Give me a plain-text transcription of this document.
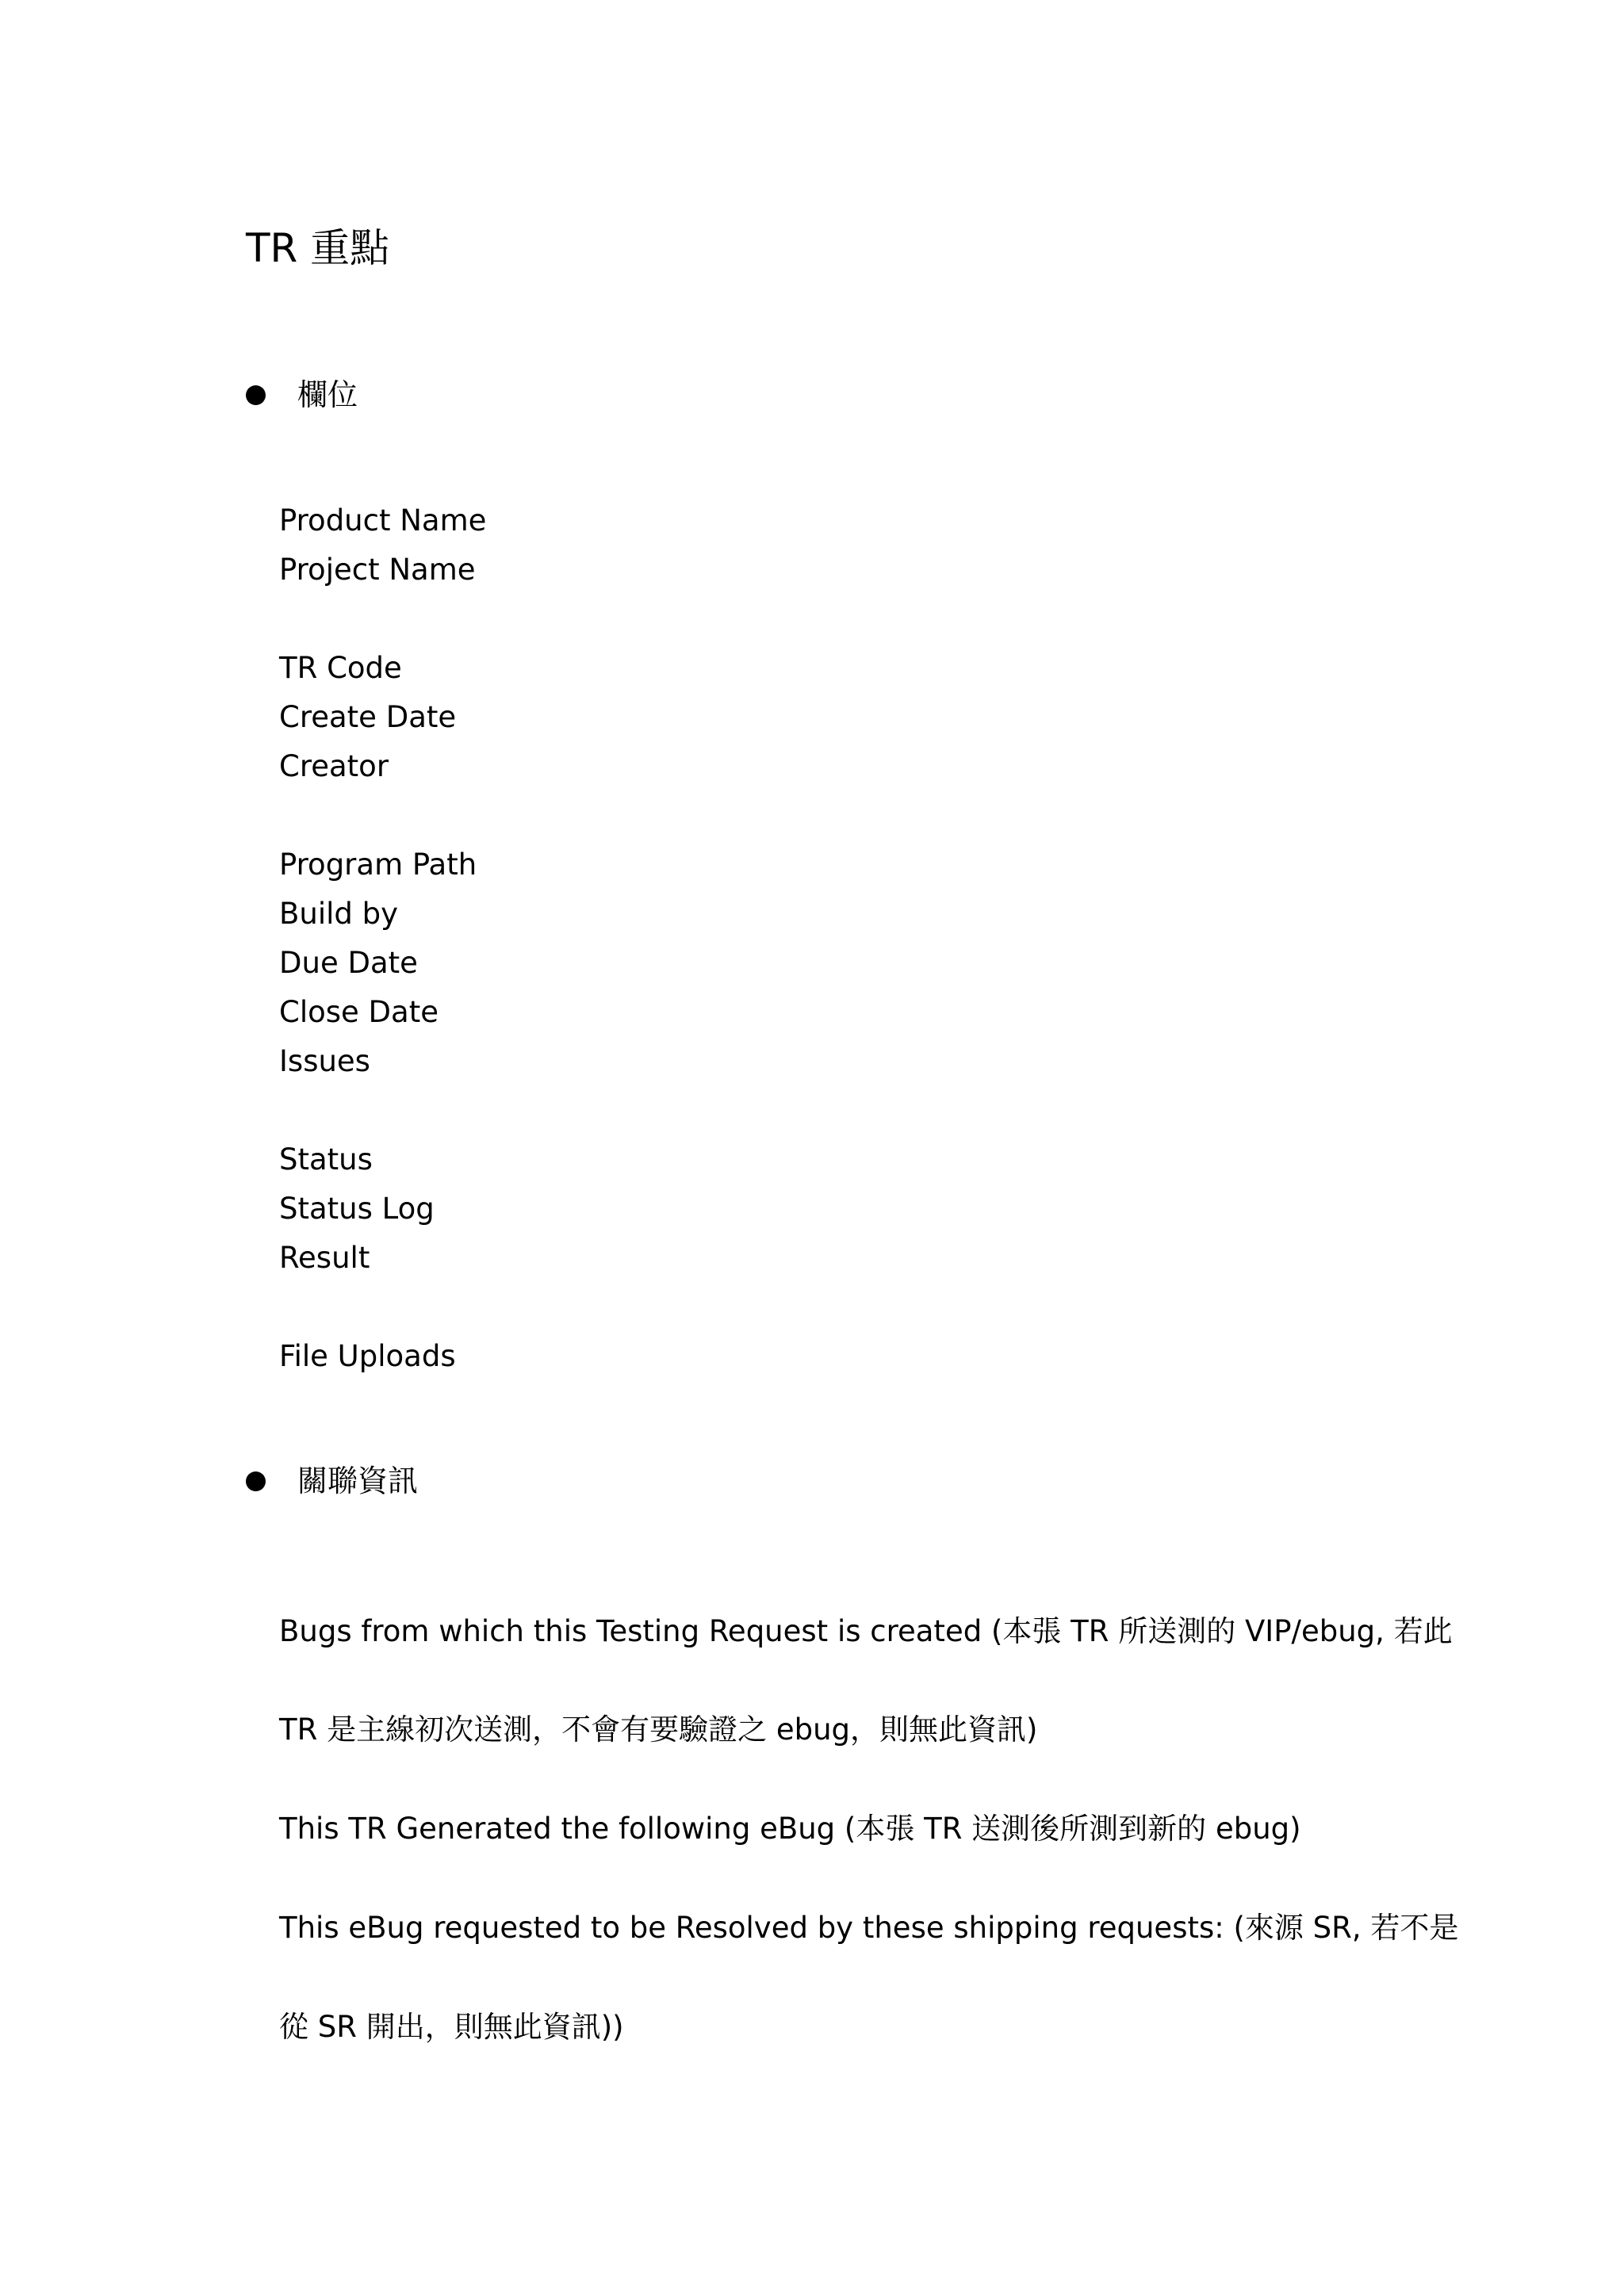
TR 重點
欄位
Product Name
Project Name
TR Code
Create Date
Creator
Program Path
Build by
Due Date
Close Date
Issues
Status
Status Log
Result
File Uploads
關聯資訊
Bugs from which this Testing Request is created (本張 TR 所送測的 VIP/ebug, 若此
TR 是主線初次送測，不會有要驗證之 ebug，則無此資訊)
This TR Generated the following eBug (本張 TR 送測後所測到新的 ebug)
This eBug requested to be Resolved by these shipping requests: (來源 SR, 若不是
從 SR 開出，則無此資訊))
